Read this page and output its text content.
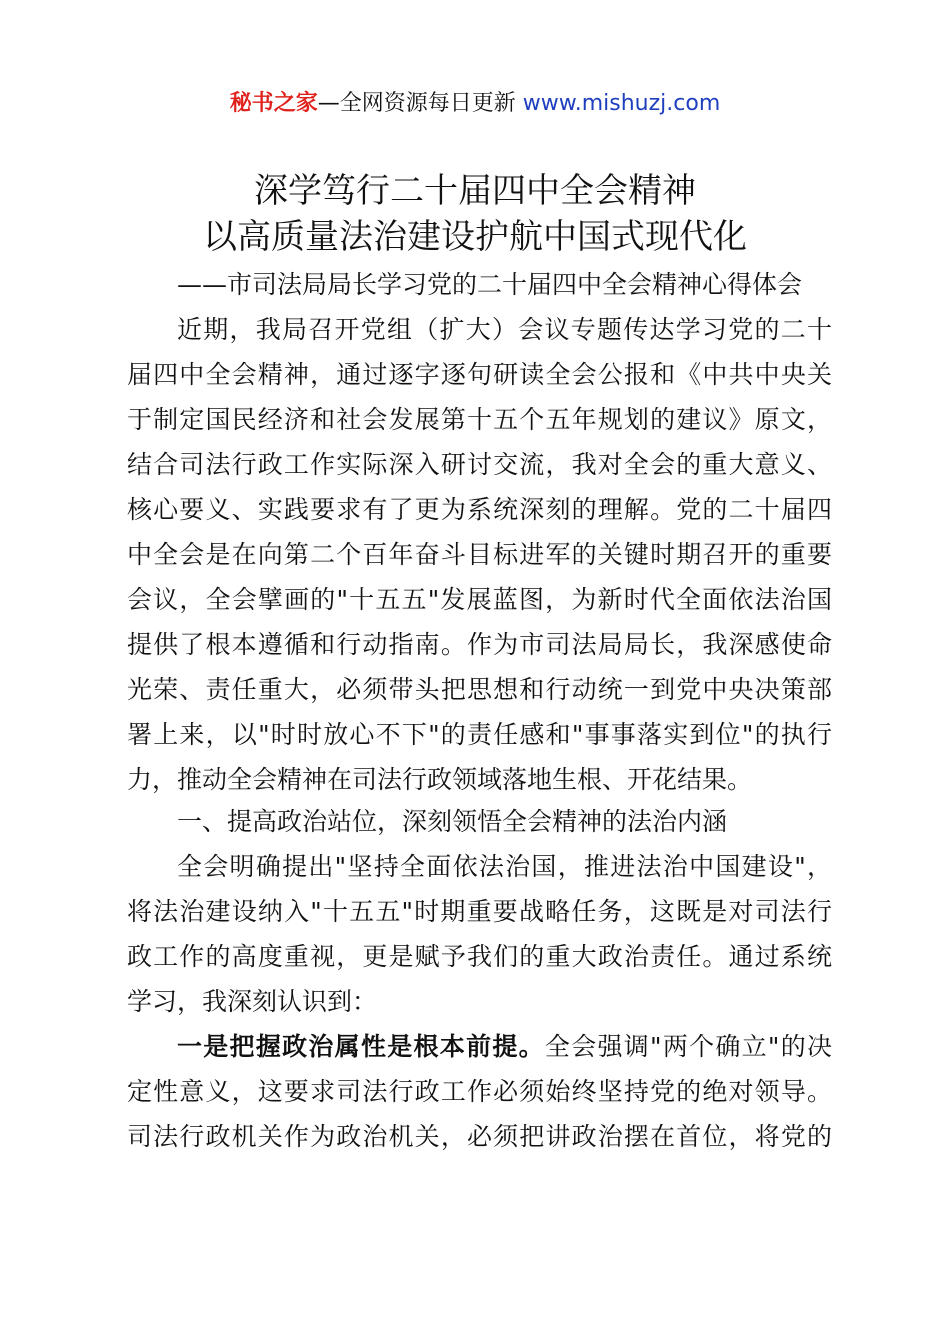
秘书之家—全网资源每日更新 www.mishuzj.com
深学笃行二十届四中全会精神
以高质量法治建设护航中国式现代化
——市司法局局长学习党的二十届四中全会精神心得体会
近期，我局召开党组（扩大）会议专题传达学习党的二十
届四中全会精神，通过逐字逐句研读全会公报和《中共中央关
于制定国民经济和社会发展第十五个五年规划的建议》原文，
结合司法行政工作实际深入研讨交流，我对全会的重大意义、
核心要义、实践要求有了更为系统深刻的理解。党的二十届四
中全会是在向第二个百年奋斗目标进军的关键时期召开的重要
会议，全会擘画的"十五五"发展蓝图，为新时代全面依法治国
提供了根本遵循和行动指南。作为市司法局局长，我深感使命
光荣、责任重大，必须带头把思想和行动统一到党中央决策部
署上来，以"时时放心不下"的责任感和"事事落实到位"的执行
力，推动全会精神在司法行政领域落地生根、开花结果。
一、提高政治站位，深刻领悟全会精神的法治内涵
全会明确提出"坚持全面依法治国，推进法治中国建设"，
将法治建设纳入"十五五"时期重要战略任务，这既是对司法行
政工作的高度重视，更是赋予我们的重大政治责任。通过系统
学习，我深刻认识到：
一是把握政治属性是根本前提。全会强调"两个确立"的决
定性意义，这要求司法行政工作必须始终坚持党的绝对领导。
司法行政机关作为政治机关，必须把讲政治摆在首位，将党的
